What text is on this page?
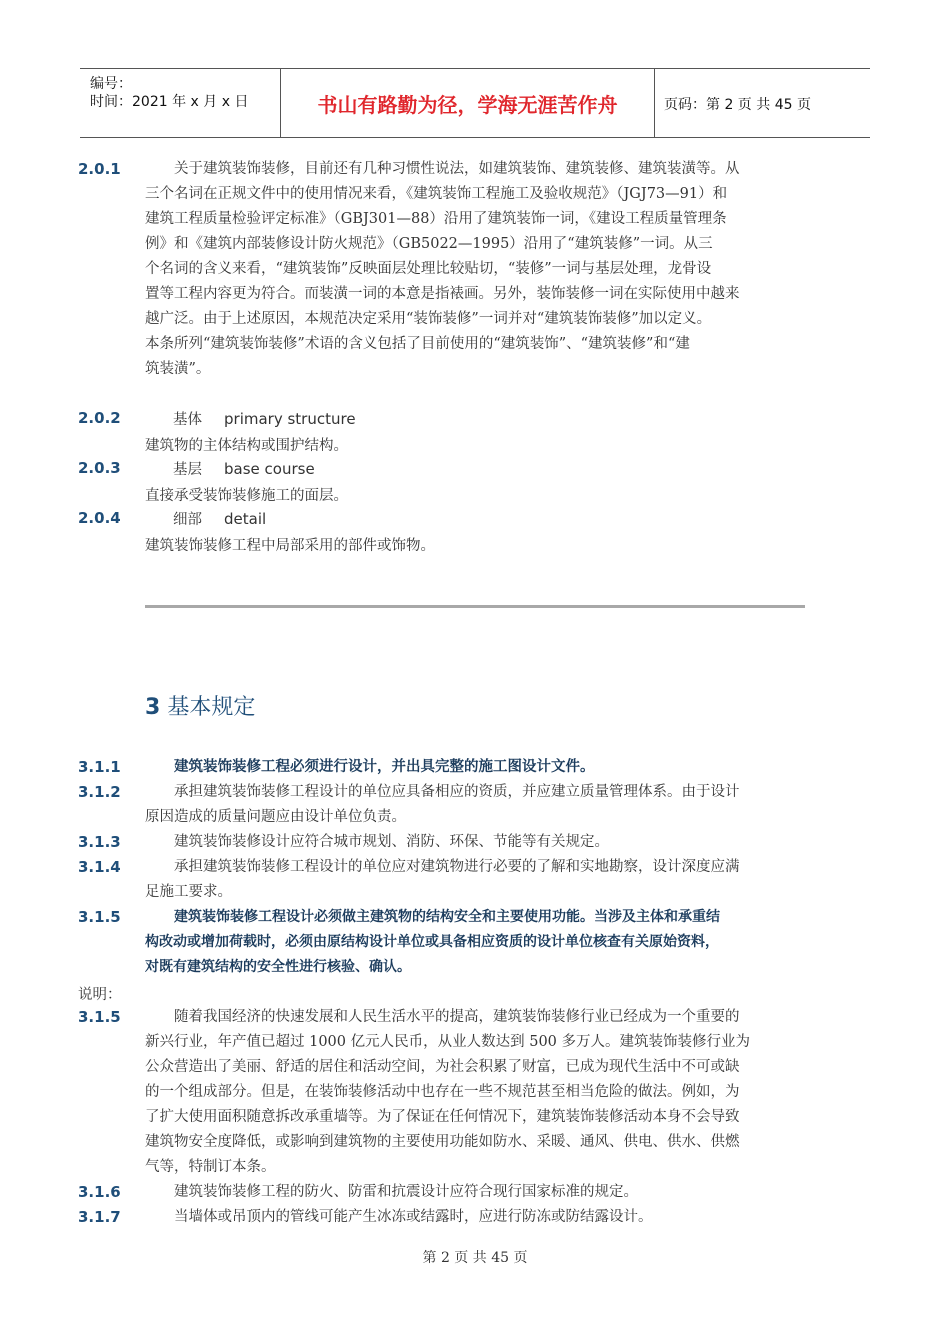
编号：
时间：2021 年 x 月 x 日	书山有路勤为径，学海无涯苦作舟	页码：第 2 页 共 45 页
2.0.1	关于建筑装饰装修，目前还有几种习惯性说法，如建筑装饰、建筑装修、建筑装潢等。从
三个名词在正规文件中的使用情况来看，《建筑装饰工程施工及验收规范》（JGJ73—91）和
建筑工程质量检验评定标准》（GBJ301—88）沿用了建筑装饰一词，《建设工程质量管理条
例》和《建筑内部装修设计防火规范》（GB5022—1995）沿用了“建筑装修”一词。从三
个名词的含义来看，“建筑装饰”反映面层处理比较贴切，“装修”一词与基层处理，龙骨设
置等工程内容更为符合。而装潢一词的本意是指裱画。另外，装饰装修一词在实际使用中越来
越广泛。由于上述原因，本规范决定采用“装饰装修”一词并对“建筑装饰装修”加以定义。
本条所列“建筑装饰装修”术语的含义包括了目前使用的“建筑装饰”、“建筑装修”和“建
筑装潢”。
2.0.2	基体 primary structure
建筑物的主体结构或围护结构。
2.0.3	基层 base course
直接承受装饰装修施工的面层。
2.0.4	细部 detail
建筑装饰装修工程中局部采用的部件或饰物。
3 基本规定
3.1.1	建筑装饰装修工程必须进行设计，并出具完整的施工图设计文件。
3.1.2	承担建筑装饰装修工程设计的单位应具备相应的资质，并应建立质量管理体系。由于设计
原因造成的质量问题应由设计单位负责。
3.1.3	建筑装饰装修设计应符合城市规划、消防、环保、节能等有关规定。
3.1.4	承担建筑装饰装修工程设计的单位应对建筑物进行必要的了解和实地勘察，设计深度应满
足施工要求。
3.1.5	建筑装饰装修工程设计必须做主建筑物的结构安全和主要使用功能。当涉及主体和承重结
构改动或增加荷载时，必须由原结构设计单位或具备相应资质的设计单位核查有关原始资料，
对既有建筑结构的安全性进行核验、确认。
说明：
3.1.5	随着我国经济的快速发展和人民生活水平的提高，建筑装饰装修行业已经成为一个重要的
新兴行业，年产值已超过 1000 亿元人民币，从业人数达到 500 多万人。建筑装饰装修行业为
公众营造出了美丽、舒适的居住和活动空间，为社会积累了财富，已成为现代生活中不可或缺
的一个组成部分。但是，在装饰装修活动中也存在一些不规范甚至相当危险的做法。例如，为
了扩大使用面积随意拆改承重墙等。为了保证在任何情况下，建筑装饰装修活动本身不会导致
建筑物安全度降低，或影响到建筑物的主要使用功能如防水、采暖、通风、供电、供水、供燃
气等，特制订本条。
3.1.6	建筑装饰装修工程的防火、防雷和抗震设计应符合现行国家标准的规定。
3.1.7	当墙体或吊顶内的管线可能产生冰冻或结露时，应进行防冻或防结露设计。
第 2 页 共 45 页
